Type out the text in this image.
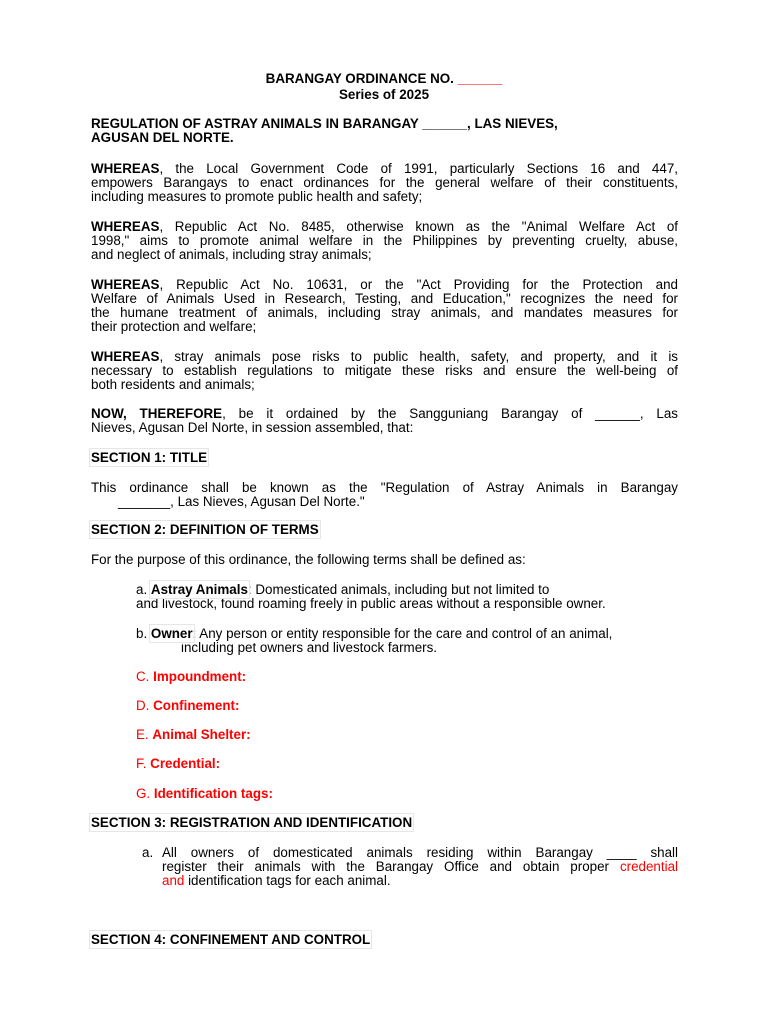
BARANGAY ORDINANCE NO. ______
Series of 2025
REGULATION OF ASTRAY ANIMALS IN BARANGAY ______, LAS NIEVES,
AGUSAN DEL NORTE.
WHEREAS, the Local Government Code of 1991, particularly Sections 16 and 447,
empowers Barangays to enact ordinances for the general welfare of their constituents,
including measures to promote public health and safety;
WHEREAS, Republic Act No. 8485, otherwise known as the "Animal Welfare Act of
1998," aims to promote animal welfare in the Philippines by preventing cruelty, abuse,
and neglect of animals, including stray animals;
WHEREAS, Republic Act No. 10631, or the "Act Providing for the Protection and
Welfare of Animals Used in Research, Testing, and Education," recognizes the need for
the humane treatment of animals, including stray animals, and mandates measures for
their protection and welfare;
WHEREAS, stray animals pose risks to public health, safety, and property, and it is
necessary to establish regulations to mitigate these risks and ensure the well-being of
both residents and animals;
NOW, THEREFORE, be it ordained by the Sangguniang Barangay of ______, Las
Nieves, Agusan Del Norte, in session assembled, that:
SECTION 1: TITLE
This ordinance shall be known as the "Regulation of Astray Animals in Barangay
_______, Las Nieves, Agusan Del Norte."
SECTION 2: DEFINITION OF TERMS
For the purpose of this ordinance, the following terms shall be defined as:
a. Astray Animals: Domesticated animals, including but not limited to
and livestock, found roaming freely in public areas without a responsible owner.
b. Owner: Any person or entity responsible for the care and control of an animal,
including pet owners and livestock farmers.
C. Impoundment:
D. Confinement:
E. Animal Shelter:
F. Credential:
G. Identification tags:
SECTION 3: REGISTRATION AND IDENTIFICATION
a. All owners of domesticated animals residing within Barangay ____ shall
register their animals with the Barangay Office and obtain proper credential
and identification tags for each animal.
SECTION 4: CONFINEMENT AND CONTROL
